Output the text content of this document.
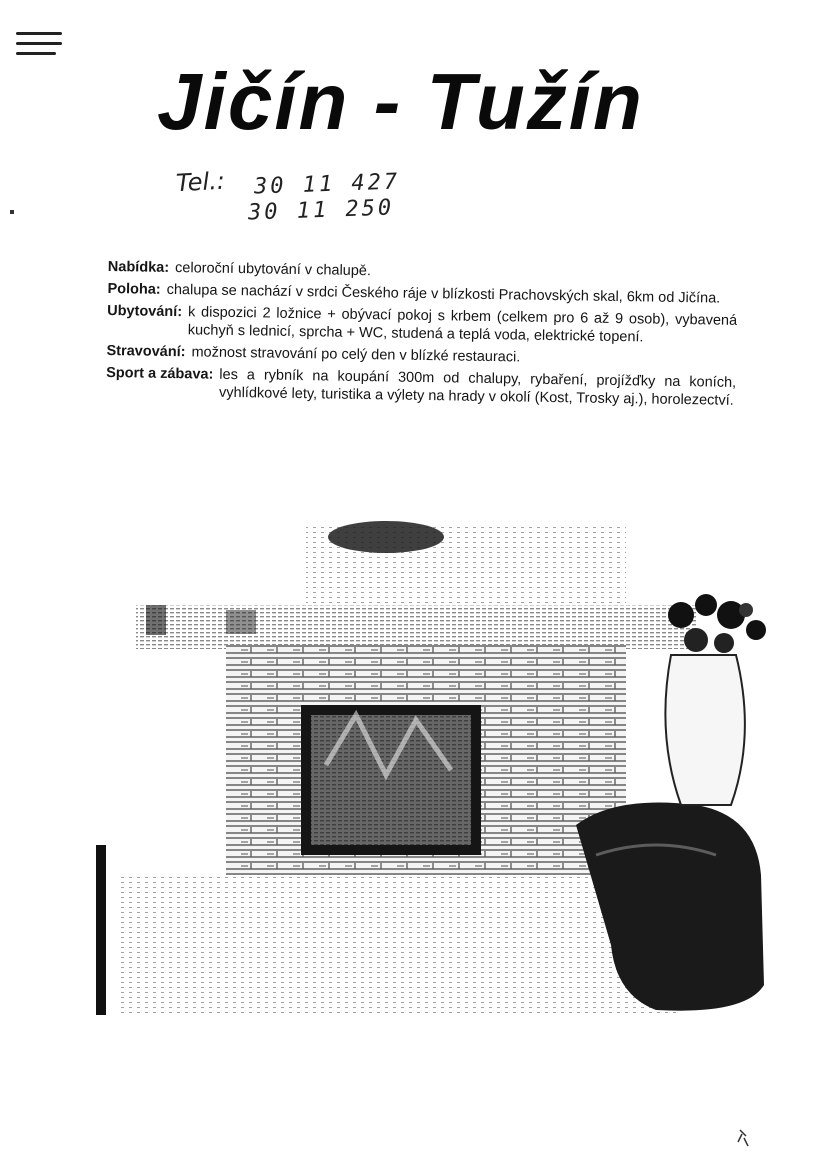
Jičín - Tužín
Tel.: 30 11 427
30 11 250
Nabídka: celoroční ubytování v chalupě.
Poloha: chalupa se nachází v srdci Českého ráje v blízkosti Prachovských skal, 6km od Jičína.
Ubytování: k dispozici 2 ložnice + obývací pokoj s krbem (celkem pro 6 až 9 osob), vybavená kuchyň s lednicí, sprcha + WC, studená a teplá voda, elektrické topení.
Stravování: možnost stravování po celý den v blízké restauraci.
Sport a zábava: les a rybník na koupání 300m od chalupy, rybaření, projížďky na koních, vyhlídkové lety, turistika a výlety na hrady v okolí (Kost, Trosky aj.), horolezectví.
